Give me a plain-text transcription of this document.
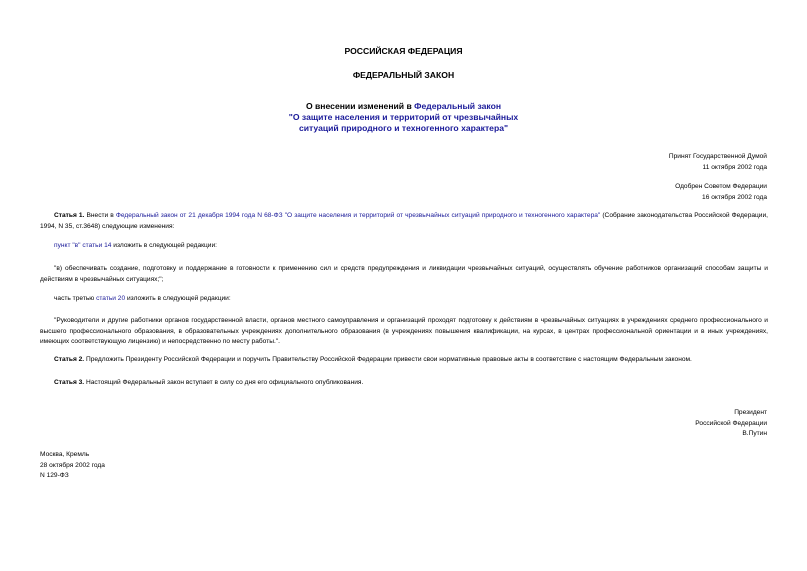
РОССИЙСКАЯ ФЕДЕРАЦИЯ
ФЕДЕРАЛЬНЫЙ ЗАКОН
О внесении изменений в Федеральный закон
"О защите населения и территорий от чрезвычайных
ситуаций природного и техногенного характера"
Принят Государственной Думой
11 октября 2002 года
Одобрен Советом Федерации
16 октября 2002 года
Статья 1. Внести в Федеральный закон от 21 декабря 1994 года N 68-ФЗ "О защите населения и территорий от чрезвычайных ситуаций природного и техногенного характера" (Собрание законодательства Российской Федерации, 1994, N 35, ст.3648) следующие изменения:
пункт "в" статьи 14 изложить в следующей редакции:
"в) обеспечивать создание, подготовку и поддержание в готовности к применению сил и средств предупреждения и ликвидации чрезвычайных ситуаций, осуществлять обучение работников организаций способам защиты и действиям в чрезвычайных ситуациях;";
часть третью статьи 20 изложить в следующей редакции:
"Руководители и другие работники органов государственной власти, органов местного самоуправления и организаций проходят подготовку к действиям в чрезвычайных ситуациях в учреждениях среднего профессионального и высшего профессионального образования, в образовательных учреждениях дополнительного образования (в учреждениях повышения квалификации, на курсах, в центрах профессиональной ориентации и в иных учреждениях, имеющих соответствующую лицензию) и непосредственно по месту работы.".
Статья 2. Предложить Президенту Российской Федерации и поручить Правительству Российской Федерации привести свои нормативные правовые акты в соответствие с настоящим Федеральным законом.
Статья 3. Настоящий Федеральный закон вступает в силу со дня его официального опубликования.
Президент
Российской Федерации
В.Путин
Москва, Кремль
28 октября 2002 года
N 129-ФЗ
